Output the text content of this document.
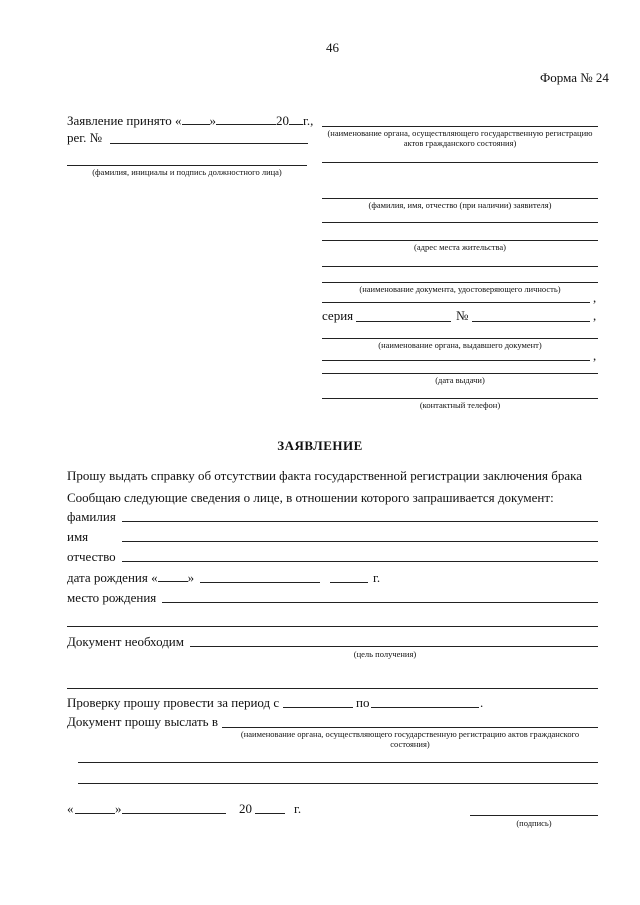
46
Форма № 24
Заявление принято « »	20 г.,
рег. №
(фамилия, инициалы и подпись должностного лица)
(наименование органа, осуществляющего государственную регистрацию актов гражданского состояния)
(фамилия, имя, отчество (при наличии) заявителя)
(адрес места жительства)
(наименование документа, удостоверяющего личность)
,
серия	№	,
(наименование органа, выдавшего документ)
,
(дата выдачи)
(контактный телефон)
ЗАЯВЛЕНИЕ
Прошу выдать справку об отсутствии факта государственной регистрации заключения брака
Сообщаю следующие сведения о лице, в отношении которого запрашивается документ:
фамилия
имя
отчество
дата рождения « »	г.
место рождения
Документ необходим
(цель получения)
Проверку прошу провести за период с	по	.
Документ прошу выслать в
(наименование органа, осуществляющего государственную регистрацию актов гражданского состояния)
«	»	20	г.
(подпись)
